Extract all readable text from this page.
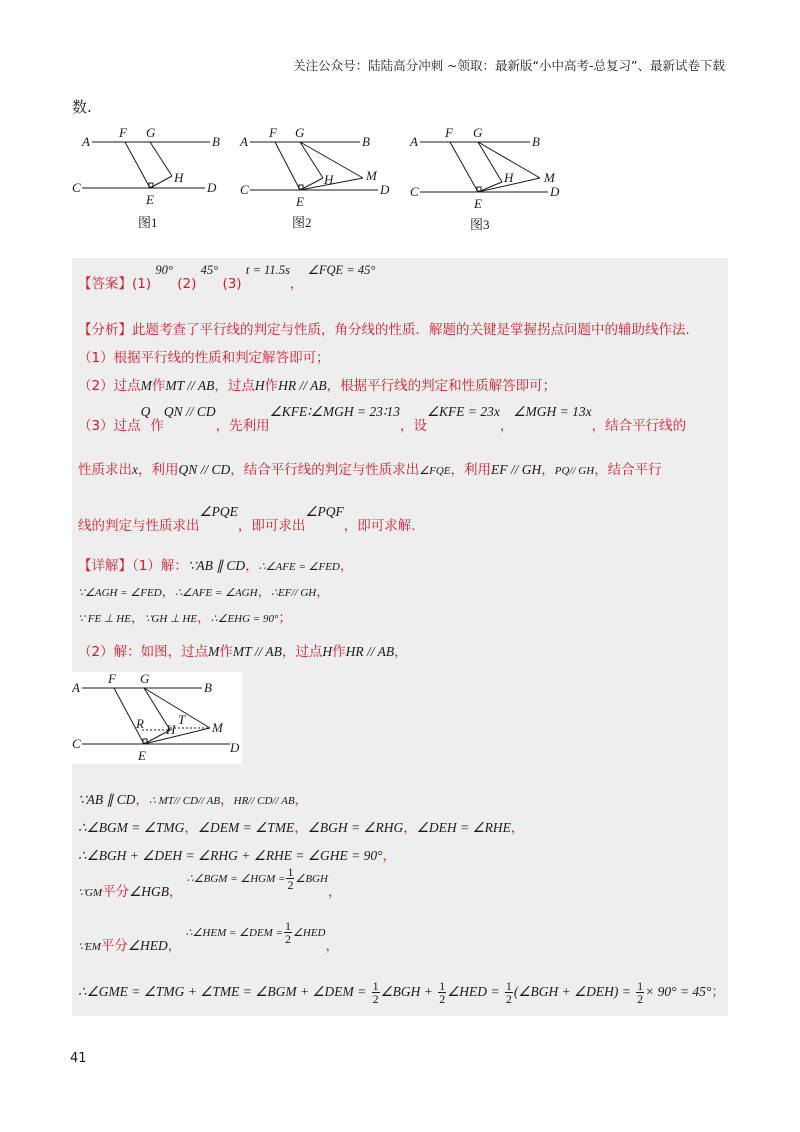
关注公众号：陆陆高分冲刺 ~领取：最新版“小中高考-总复习”、最新试卷下载
数.
A
F G
B
C
E
D
H
图1
A
F G
B
C
E
D
H	M
图2
A
F G
B
C
E
D
H M
图3
【答案】(1) 90° (2) 45° (3) t = 11.5s， ∠FQE = 45°
【分析】此题考查了平行线的判定与性质，角分线的性质．解题的关键是掌握拐点问题中的辅助线作法．
（1）根据平行线的性质和判定解答即可；
（2）过点M作MT // AB，过点H作HR // AB，根据平行线的判定和性质解答即可；
（3）过点Q作QN // CD，先利用∠KFE∶∠MGH = 23∶13，设∠KFE = 23x，∠MGH = 13x，结合平行线的
性质求出x，利用QN // CD，结合平行线的判定与性质求出∠FQE，利用EF // GH，PQ// GH，结合平行
线的判定与性质求出∠PQE，即可求出∠PQF，即可求解.
【详解】（1）解：∵AB ∥ CD，∴∠AFE = ∠FED，
∵∠AGH = ∠FED，∴∠AFE = ∠AGH，∴EF// GH，
∵ FE ⊥ HE，∵GH ⊥ HE，∴∠EHG = 90°；
（2）解：如图，过点M作MT // AB，过点H作HR // AB，
A
F G
B
C
E
D
H	M
R	T
∵AB ∥ CD，∴ MT// CD// AB，HR// CD// AB，
∴∠BGM = ∠TMG，∠DEM = ∠TME，∠BGH = ∠RHG，∠DEH = ∠RHE，
∴∠BGH + ∠DEH = ∠RHG + ∠RHE = ∠GHE = 90°，
∵GM平分∠HGB， $^{\therefore\angle BGM = \angle HGM =} \frac{1}{2} ^{\angle BGH}$，
∵EM平分∠HED， $^{\therefore\angle HEM = \angle DEM =} \frac{1}{2} ^{\angle HED}$，
∴∠GME = ∠TMG + ∠TME = ∠BGM + ∠DEM = $\frac{1}{2}$ ∠BGH + $\frac{1}{2}$ ∠HED = $\frac{1}{2}$ (∠BGH + ∠DEH) = $\frac{1}{2} \times 90^\circ = 45^\circ$；
41
